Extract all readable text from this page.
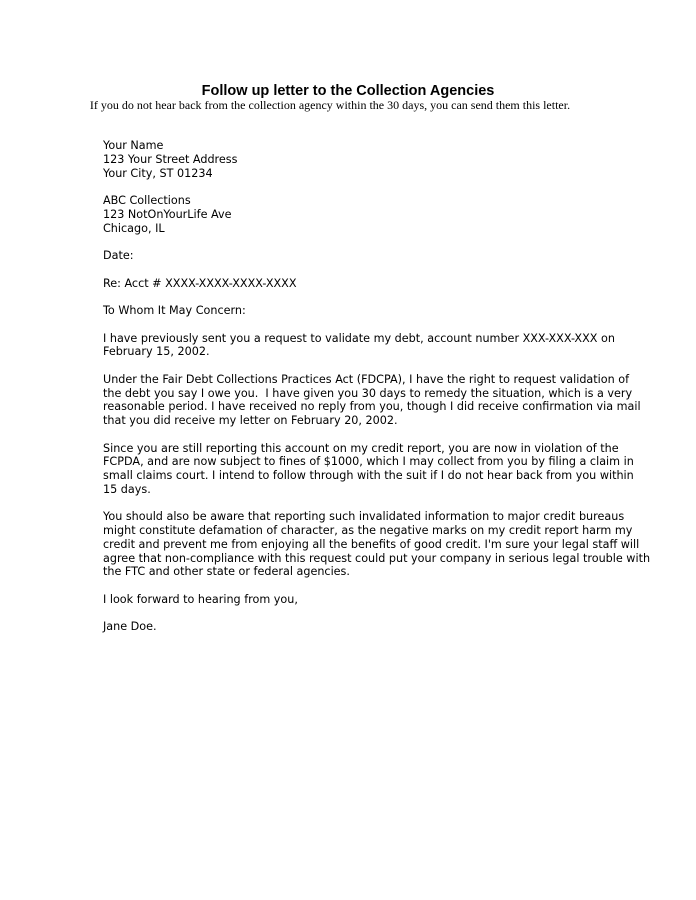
Follow up letter to the Collection Agencies
If you do not hear back from the collection agency within the 30 days, you can send them this letter.
Your Name
123 Your Street Address
Your City, ST 01234
ABC Collections
123 NotOnYourLife Ave
Chicago, IL
Date:
Re: Acct # XXXX-XXXX-XXXX-XXXX
To Whom It May Concern:
I have previously sent you a request to validate my debt, account number XXX-XXX-XXX on
February 15, 2002.
Under the Fair Debt Collections Practices Act (FDCPA), I have the right to request validation of
the debt you say I owe you.  I have given you 30 days to remedy the situation, which is a very
reasonable period. I have received no reply from you, though I did receive confirmation via mail
that you did receive my letter on February 20, 2002.
Since you are still reporting this account on my credit report, you are now in violation of the
FCPDA, and are now subject to fines of $1000, which I may collect from you by filing a claim in
small claims court. I intend to follow through with the suit if I do not hear back from you within
15 days.
You should also be aware that reporting such invalidated information to major credit bureaus
might constitute defamation of character, as the negative marks on my credit report harm my
credit and prevent me from enjoying all the benefits of good credit. I'm sure your legal staff will
agree that non-compliance with this request could put your company in serious legal trouble with
the FTC and other state or federal agencies.
I look forward to hearing from you,
Jane Doe.
